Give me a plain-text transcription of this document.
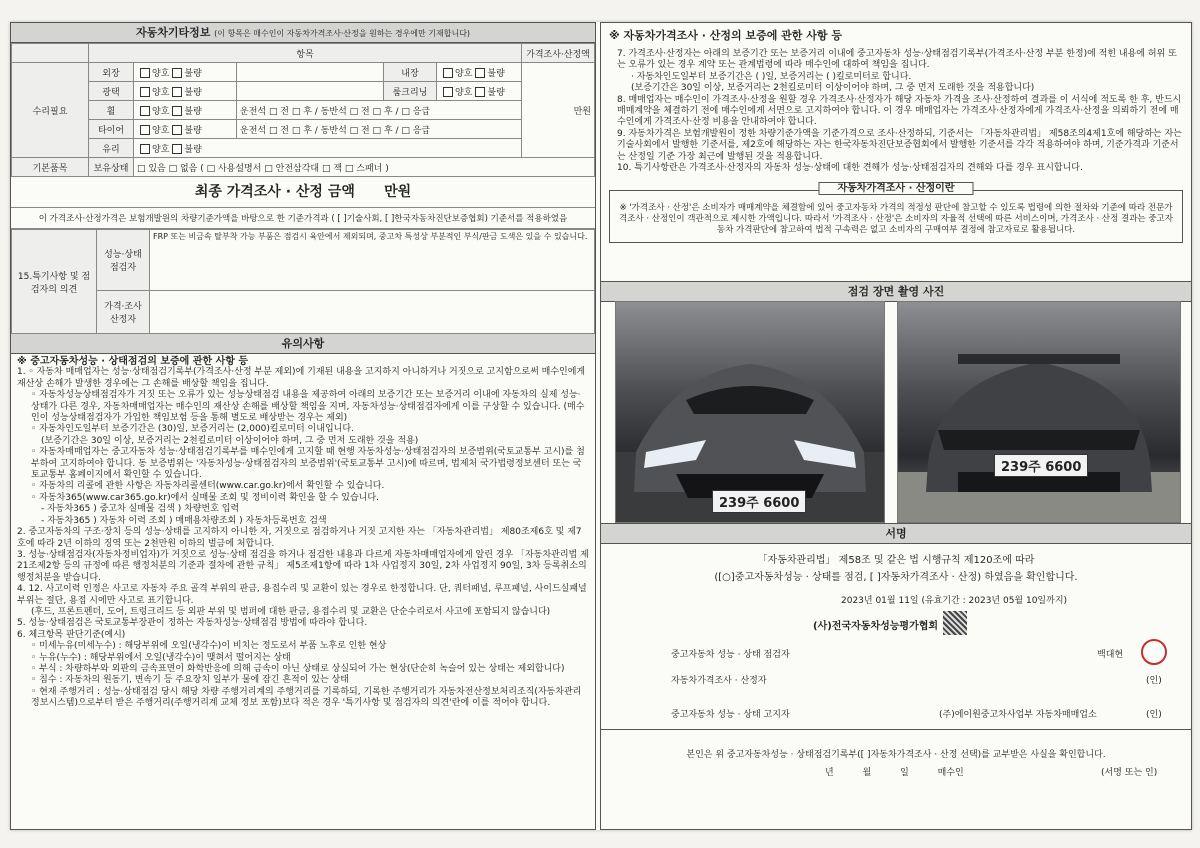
자동차기타정보 (이 항목은 매수인이 자동차가격조사·산정을 원하는 경우에만 기재합니다)
	항목					가격조사·산정액
수리필요	외장	양호 불량		내장	양호 불량	만원
	광택	양호 불량		룸크리닝	양호 불량	
	휠	양호 불량	운전석 □ 전 □ 후 / 동반석 □ 전 □ 후 / □ 응급			
	타이어	양호 불량	운전석 □ 전 □ 후 / 동반석 □ 전 □ 후 / □ 응급			
	유리	양호 불량				
기본품목	보유상태	□ 있음 □ 없음 ( □ 사용설명서 □ 안전삼각대 □ 잭 □ 스패너 )				
최종 가격조사 · 산정 금액 만원
이 가격조사·산정가격은 보험개발원의 차량기준가액을 바탕으로 한 기준가격과 ( [ ]기술사회, [ ]한국자동차진단보증협회) 기준서를 적용하였음
15.특기사항 및 점검자의 의견	성능·상태 점검자	FRP 또는 비금속 탈부착 가능 부품은 점검시 육안에서 제외되며, 중고차 특성상 부분적인 부식/판금 도색은 있을 수 있습니다.
	가격·조사 산정자	
유의사항

※ 중고자동차성능 · 상태점검의 보증에 관한 사항 등

1. ◦ 자동차 매매업자는 성능·상태점검기록부(가격조사·산정 부분 제외)에 기재된 내용을 고지하지 아니하거나 거짓으로 고지함으로써 매수인에게 재산상 손해가 발생한 경우에는 그 손해를 배상할 책임을 집니다.

◦ 자동차성능상태점검자가 거짓 또는 오류가 있는 성능상태점검 내용을 제공하여 아래의 보증기간 또는 보증거리 이내에 자동차의 실제 성능·상태가 다른 경우, 자동차매매업자는 매수인의 재산상 손해를 배상할 책임을 지며, 자동차성능·상태점검자에게 이를 구상할 수 있습니다. (매수인이 성능상태점검자가 가입한 책임보험 등을 통해 별도로 배상받는 경우는 제외)

◦ 자동차인도일부터 보증기간은 (30)일, 보증거리는 (2,000)킬로미터 이내입니다.

(보증기간은 30일 이상, 보증거리는 2천킬로미터 이상이어야 하며, 그 중 먼저 도래한 것을 적용)

◦ 자동차매매업자는 중고자동차 성능·상태점검기록부를 매수인에게 고지할 때 현행 자동차성능·상태점검자의 보증범위(국토교통부 고시)를 첨부하여 고지하여야 합니다. 동 보증범위는 '자동차성능·상태점검자의 보증범위'(국토교통부 고시)에 따르며, 법제처 국가법령정보센터 또는 국토교통부 홈페이지에서 확인할 수 있습니다.

◦ 자동차의 리콜에 관한 사항은 자동차리콜센터(www.car.go.kr)에서 확인할 수 있습니다.

◦ 자동차365(www.car365.go.kr)에서 실매물 조회 및 정비이력 확인을 할 수 있습니다.

- 자동차365 ) 중고차 실매물 검색 ) 차량번호 입력

- 자동차365 ) 자동차 이력 조회 ) 매매용차량조회 ) 자동차등록번호 검색

2. 중고자동차의 구조·장치 등의 성능·상태를 고지하지 아니한 자, 거짓으로 점검하거나 거짓 고지한 자는 「자동차관리법」 제80조제6호 및 제7호에 따라 2년 이하의 징역 또는 2천만원 이하의 벌금에 처합니다.

3. 성능·상태점검자(자동차정비업자)가 거짓으로 성능·상태 점검을 하거나 점검한 내용과 다르게 자동차매매업자에게 알린 경우 「자동차관리법 제21조제2항 등의 규정에 따른 행정처분의 기준과 절차에 관한 규칙」 제5조제1항에 따라 1차 사업정지 30일, 2차 사업정지 90일, 3차 등록취소의 행정처분을 받습니다.

4. 12. 사고이력 인정은 사고로 자동차 주요 골격 부위의 판금, 용접수리 및 교환이 있는 경우로 한정합니다. 단, 쿼터패널, 루프패널, 사이드실패널 부위는 절단, 용접 시에만 사고로 표기합니다.

(후드, 프론트펜더, 도어, 트렁크리드 등 외판 부위 및 범퍼에 대한 판금, 용접수리 및 교환은 단순수리로서 사고에 포함되지 않습니다)

5. 성능·상태점검은 국토교통부장관이 정하는 자동차성능·상태점검 방법에 따라야 합니다.

6. 체크항목 판단기준(예시)

◦ 미세누유(미세누수) : 해당부위에 오일(냉각수)이 비치는 정도로서 부품 노후로 인한 현상

◦ 누유(누수) : 해당부위에서 오일(냉각수)이 맺혀서 떨어지는 상태

◦ 부식 : 차량하부와 외판의 금속표면이 화학반응에 의해 금속이 아닌 상태로 상실되어 가는 현상(단순히 녹슬어 있는 상태는 제외합니다)

◦ 침수 : 자동차의 원동기, 변속기 등 주요장치 일부가 물에 잠긴 흔적이 있는 상태

◦ 현재 주행거리 : 성능·상태점검 당시 해당 차량 주행거리계의 주행거리를 기록하되, 기록한 주행거리가 자동차전산정보처리조직(자동차관리정보시스템)으로부터 받은 주행거리(주행거리계 교체 정보 포함)보다 적은 경우 '특기사항 및 점검자의 의견'란에 이를 적어야 합니다.

※ 자동차가격조사 · 산정의 보증에 관한 사항 등

7. 가격조사·산정자는 아래의 보증기간 또는 보증거리 이내에 중고자동차 성능·상태점검기록부(가격조사·산정 부분 한정)에 적힌 내용에 허위 또는 오류가 있는 경우 계약 또는 관계법령에 따라 매수인에 대하여 책임을 집니다.

· 자동차인도일부터 보증기간은 ( )일, 보증거리는 ( )킬로미터로 합니다.

(보증기간은 30일 이상, 보증거리는 2천킬로미터 이상이어야 하며, 그 중 먼저 도래한 것을 적용합니다)

8. 매매업자는 매수인이 가격조사·산정을 원할 경우 가격조사·산정자가 해당 자동차 가격을 조사·산정하여 결과를 이 서식에 적도록 한 후, 반드시 매매계약을 체결하기 전에 매수인에게 서면으로 고지하여야 합니다. 이 경우 매매업자는 가격조사·산정자에게 가격조사·산정을 의뢰하기 전에 매수인에게 가격조사·산정 비용을 안내하여야 합니다.

9. 자동차가격은 보험개발원이 정한 차량기준가액을 기준가격으로 조사·산정하되, 기준서는 「자동차관리법」 제58조의4제1호에 해당하는 자는 기술사회에서 발행한 기준서를, 제2호에 해당하는 자는 한국자동차진단보증협회에서 발행한 기준서를 각각 적용하여야 하며, 기준가격과 기준서는 산정일 기준 가장 최근에 발행된 것을 적용합니다.

10. 특기사항란은 가격조사·산정자의 자동차 성능·상태에 대한 견해가 성능·상태점검자의 견해와 다를 경우 표시합니다.

자동차가격조사 · 산정이란
※ '가격조사 · 산정'은 소비자가 매매계약을 체결함에 있어 중고자동차 가격의 적정성 판단에 참고할 수 있도록 법령에 의한 절차와 기준에 따라 전문가격조사 · 산정인이 객관적으로 제시한 가액입니다. 따라서 '가격조사 · 산정'은 소비자의 자율적 선택에 따른 서비스이며, 가격조사 · 산정 결과는 중고자동차 가격판단에 참고하여 법적 구속력은 없고 소비자의 구매여부 결정에 참고자료로 활용됩니다.
점검 장면 촬영 사진
239주 6600
239주 6600
서명
「자동차관리법」 제58조 및 같은 법 시행규칙 제120조에 따라
([○]중고자동차성능 · 상태를 점검, [ ]자동차가격조사 · 산정) 하였음을 확인합니다.
2023년 01월 11일 (유효기간 : 2023년 05월 10일까지)
(사)전국자동차성능평가협회
중고자동차 성능 · 상태 점검자	백대현
자동차가격조사 · 산정자	(인)
중고자동차 성능 · 상태 고지자	(주)에이원중고차사업부 자동차매매업소	(인)
본인은 위 중고자동차성능 · 상태점검기록부([ ]자동차가격조사 · 산정 선택)를 교부받은 사실을 확인합니다.
년 월 일 매수인	(서명 또는 인)
